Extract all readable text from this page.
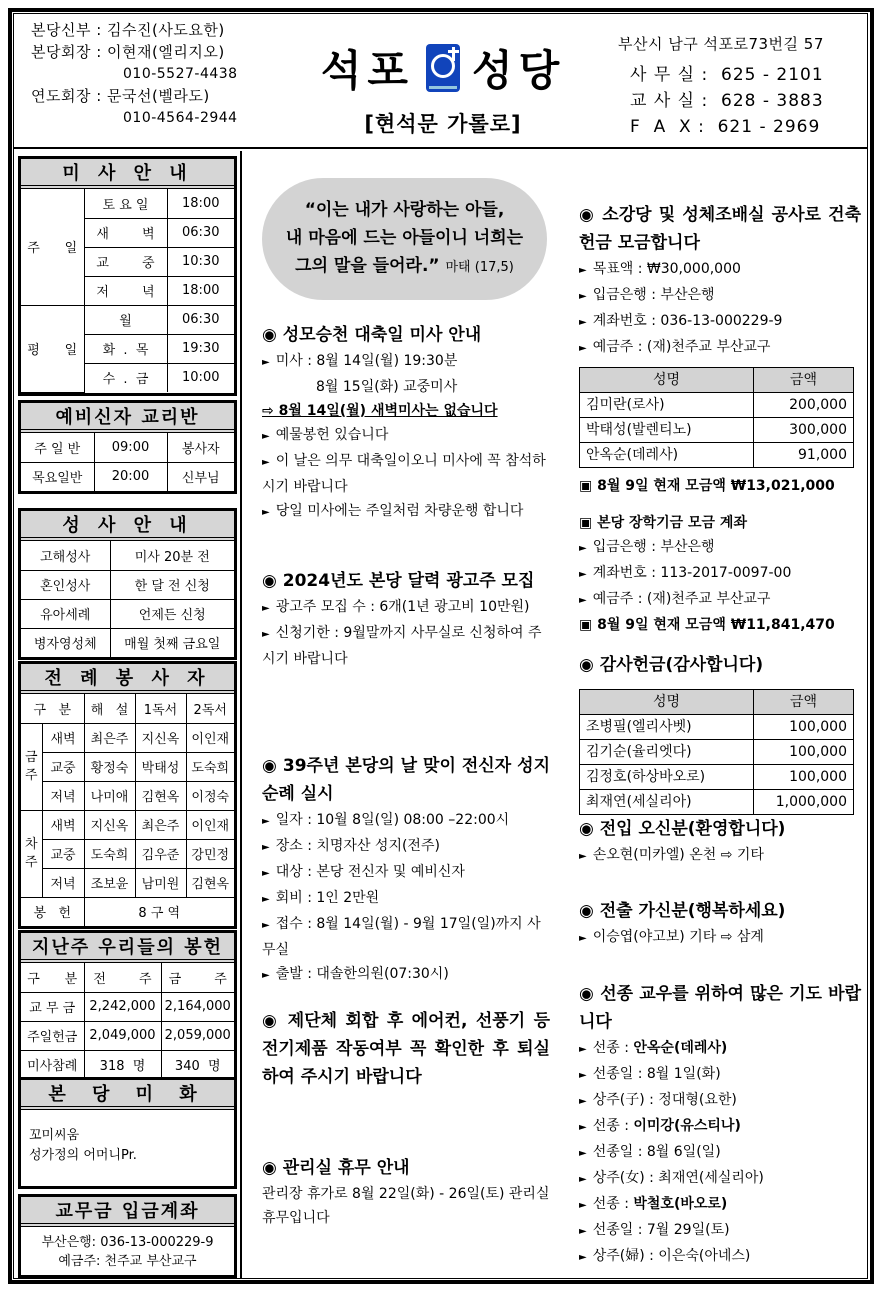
본당신부 : 김수진(사도요한)
본당회장 : 이현재(엘리지오)
010-5527-4438
연도회장 : 문국선(벨라도)
010-4564-2944
석포 성당
[현석문 가롤로]
부산시 남구 석포로73번길 57
사 무 실 :  625 - 2101
교 사 실 :  628 - 3883
F  A  X :  621 - 2969
미 사 안 내
주      일	토 요 일	18:00
	새        벽	06:30
	교        중	10:30
	저        녁	18:00
평      일	월	06:30
	화  .  목	19:30
	수  .  금	10:00
예비신자 교리반
주 일 반	09:00	봉사자
목요일반	20:00	신부님
성 사 안 내
고해성사	미사 20분 전
혼인성사	한 달 전 신청
유아세례	언제든 신청
병자영성체	매월 첫째 금요일
전 례 봉 사 자
구   분		해   설	1독서	2독서
금주	새벽	최은주	지신옥	이인재
	교중	황정숙	박태성	도숙희
	저녁	나미애	김현옥	이정숙
차주	새벽	지신옥	최은주	이인재
	교중	도숙희	김우준	강민정
	저녁	조보윤	남미원	김현옥
봉   헌		8 구 역		
지난주 우리들의 봉헌
구      분	전        주	금        주
교 무 금	2,242,000	2,164,000
주일헌금	2,049,000	2,059,000
미사참례	318  명	340  명
본 당 미 화
꼬미씨움
성가정의 어머니Pr.
교무금 입금계좌
부산은행: 036-13-000229-9
예금주: 천주교 부산교구
“이는 내가 사랑하는 아들,
내 마음에 드는 아들이니 너희는
그의 말을 들어라.” 마태 (17,5)
◉ 성모승천 대축일 미사 안내
► 미사 : 8월 14일(월) 19:30분
8월 15일(화) 교중미사
⇨ 8월 14일(월) 새벽미사는 없습니다
► 예물봉헌 있습니다
► 이 날은 의무 대축일이오니 미사에 꼭 참석하시기 바랍니다
► 당일 미사에는 주일처럼 차량운행 합니다
◉ 2024년도 본당 달력 광고주 모집
► 광고주 모집 수 : 6개(1년 광고비 10만원)
► 신청기한 : 9월말까지 사무실로 신청하여 주시기 바랍니다
◉ 39주년 본당의 날 맞이 전신자 성지순례 실시
► 일자 : 10월 8일(일) 08:00 –22:00시
► 장소 : 치명자산 성지(전주)
► 대상 : 본당 전신자 및 예비신자
► 회비 : 1인 2만원
► 접수 : 8월 14일(월) - 9월 17일(일)까지 사무실
► 출발 : 대솔한의원(07:30시)
◉ 제단체 회합 후 에어컨, 선풍기 등 전기제품 작동여부 꼭 확인한 후 퇴실하여 주시기 바랍니다
◉ 관리실 휴무 안내
관리장 휴가로 8월 22일(화) - 26일(토) 관리실 휴무입니다
◉ 소강당 및 성체조배실 공사로 건축헌금 모금합니다
► 목표액 : ₩30,000,000
► 입금은행 : 부산은행
► 계좌번호 : 036-13-000229-9
► 예금주 : (재)천주교 부산교구
성명	금액
김미란(로사)	200,000
박태성(발렌티노)	300,000
안옥순(데레사)	91,000
▣ 8월 9일 현재 모금액 ₩13,021,000
▣ 본당 장학기금 모금 계좌
► 입금은행 : 부산은행
► 계좌번호 : 113-2017-0097-00
► 예금주 : (재)천주교 부산교구
▣ 8월 9일 현재 모금액 ₩11,841,470
◉ 감사헌금(감사합니다)
성명	금액
조병필(엘리사벳)	100,000
김기순(율리엣다)	100,000
김정호(하상바오로)	100,000
최재연(세실리아)	1,000,000
◉ 전입 오신분(환영합니다)
► 손오현(미카엘) 온천 ⇨ 기타
◉ 전출 가신분(행복하세요)
► 이승엽(야고보) 기타 ⇨ 삼계
◉ 선종 교우를 위하여 많은 기도 바랍니다
► 선종 : 안옥순(데레사)
► 선종일 : 8월 1일(화)
► 상주(子) : 정대형(요한)
► 선종 : 이미강(유스티나)
► 선종일 : 8월 6일(일)
► 상주(女) : 최재연(세실리아)
► 선종 : 박철호(바오로)
► 선종일 : 7월 29일(토)
► 상주(婦) : 이은숙(아네스)
